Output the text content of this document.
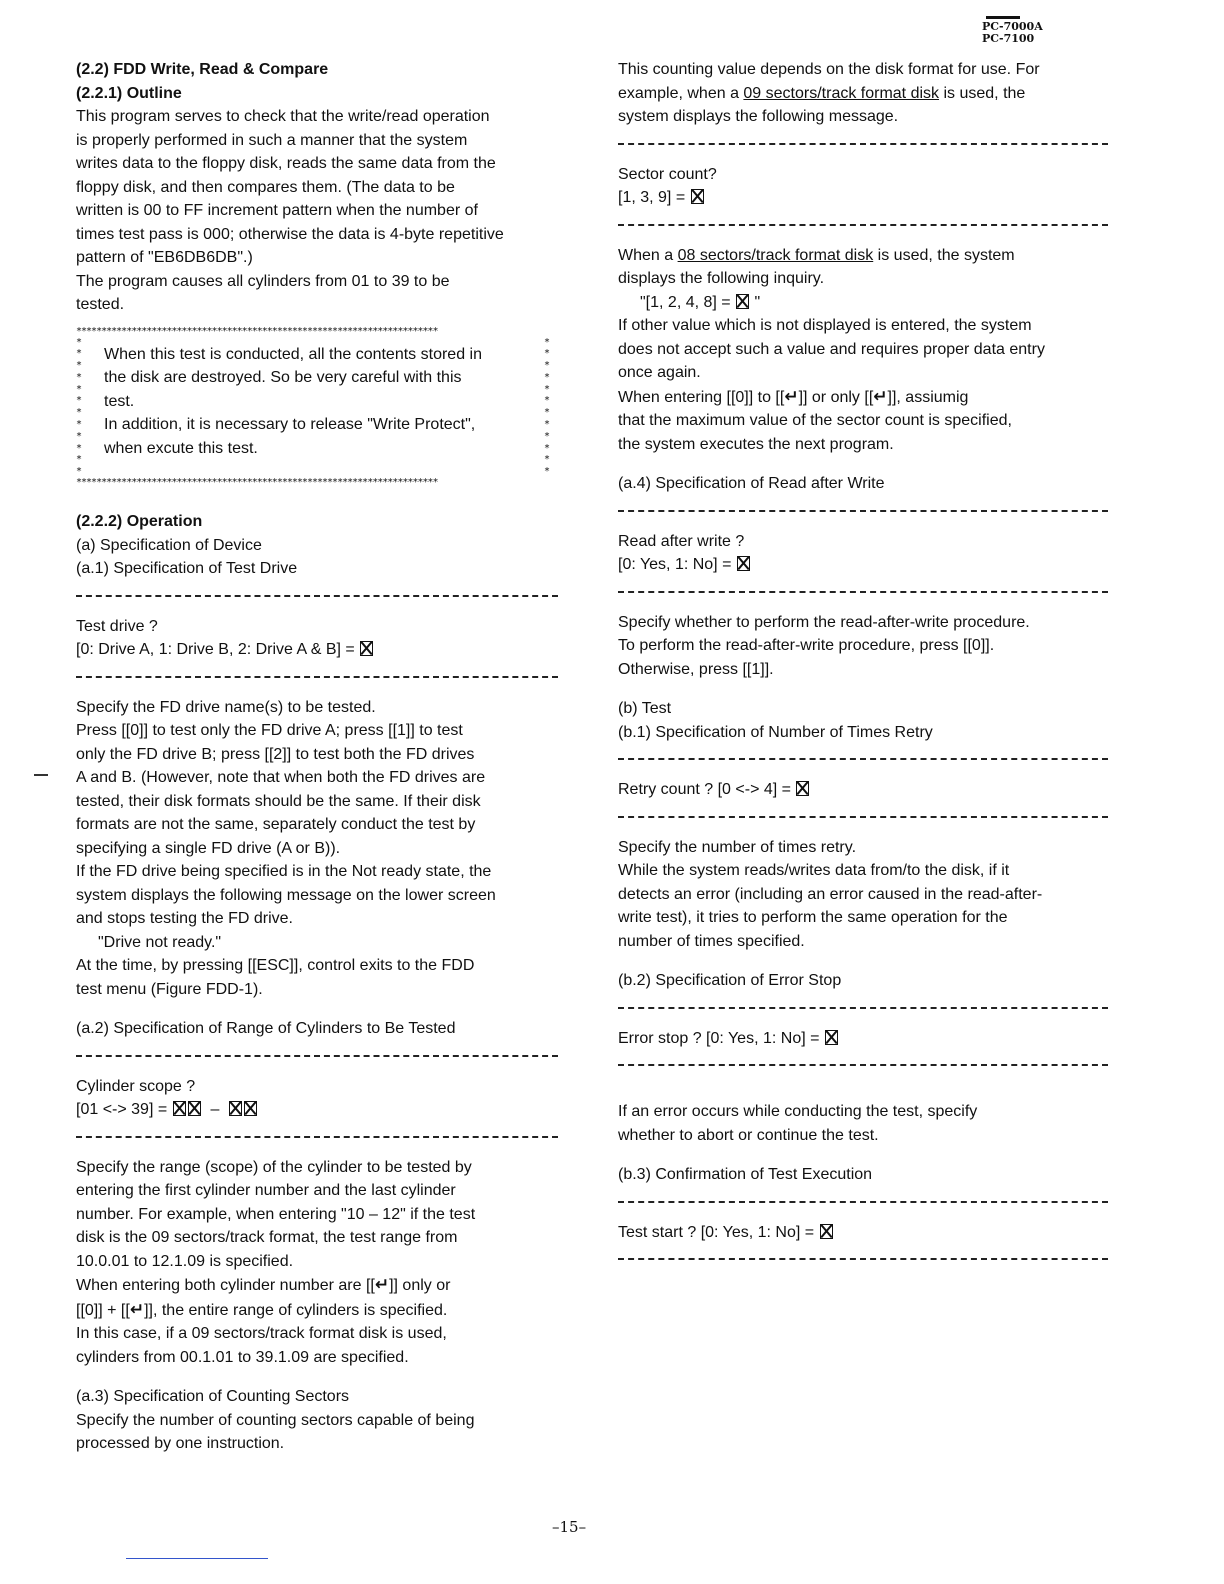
PC-7000A
PC-7100

(2.2) FDD Write, Read & Compare

(2.2.1) Outline

This program serves to check that the write/read operation

is properly performed in such a manner that the system

writes data to the floppy disk, reads the same data from the

floppy disk, and then compares them. (The data to be

written is 00 to FF increment pattern when the number of

times test pass is 000; otherwise the data is 4-byte repetitive

pattern of "EB6DB6DB".)

The program causes all cylinders from 01 to 39 to be

tested.

************************************************************************
*
*
*
*
*
*
*
*
*
*
*
*

When this test is conducted, all the contents stored in

the disk are destroyed. So be very careful with this

test.

In addition, it is necessary to release "Write Protect",

when excute this test.

*
*
*
*
*
*
*
*
*
*
*
*
************************************************************************

(2.2.2) Operation

(a) Specification of Device

(a.1) Specification of Test Drive

Test drive ?

[0: Drive A, 1: Drive B, 2: Drive A & B] =

Specify the FD drive name(s) to be tested.

Press [[0]] to test only the FD drive A; press [[1]] to test

only the FD drive B; press [[2]] to test both the FD drives

A and B. (However, note that when both the FD drives are

tested, their disk formats should be the same. If their disk

formats are not the same, separately conduct the test by

specifying a single FD drive (A or B)).

If the FD drive being specified is in the Not ready state, the

system displays the following message on the lower screen

and stops testing the FD drive.

"Drive not ready."

At the time, by pressing [[ESC]], control exits to the FDD

test menu (Figure FDD-1).

(a.2) Specification of Range of Cylinders to Be Tested

Cylinder scope ?

[01 <-> 39] =	–

Specify the range (scope) of the cylinder to be tested by

entering the first cylinder number and the last cylinder

number. For example, when entering "10 – 12" if the test

disk is the 09 sectors/track format, the test range from

10.0.01 to 12.1.09 is specified.

When entering both cylinder number are [[↵]] only or

[[0]] + [[↵]], the entire range of cylinders is specified.

In this case, if a 09 sectors/track format disk is used,

cylinders from 00.1.01 to 39.1.09 are specified.

(a.3) Specification of Counting Sectors

Specify the number of counting sectors capable of being

processed by one instruction.

This counting value depends on the disk format for use. For

example, when a 09 sectors/track format disk is used, the

system displays the following message.

Sector count?

[1, 3, 9] =

When a 08 sectors/track format disk is used, the system

displays the following inquiry.

"[1, 2, 4, 8] = "

If other value which is not displayed is entered, the system

does not accept such a value and requires proper data entry

once again.

When entering [[0]] to [[↵]] or only [[↵]], assiumig

that the maximum value of the sector count is specified,

the system executes the next program.

(a.4) Specification of Read after Write

Read after write ?

[0: Yes, 1: No] =

Specify whether to perform the read-after-write procedure.

To perform the read-after-write procedure, press [[0]].

Otherwise, press [[1]].

(b) Test

(b.1) Specification of Number of Times Retry

Retry count ? [0 <-> 4] =

Specify the number of times retry.

While the system reads/writes data from/to the disk, if it

detects an error (including an error caused in the read-after-

write test), it tries to perform the same operation for the

number of times specified.

(b.2) Specification of Error Stop

Error stop ? [0: Yes, 1: No] =

If an error occurs while conducting the test, specify

whether to abort or continue the test.

(b.3) Confirmation of Test Execution

Test start ? [0: Yes, 1: No] =

–15–
